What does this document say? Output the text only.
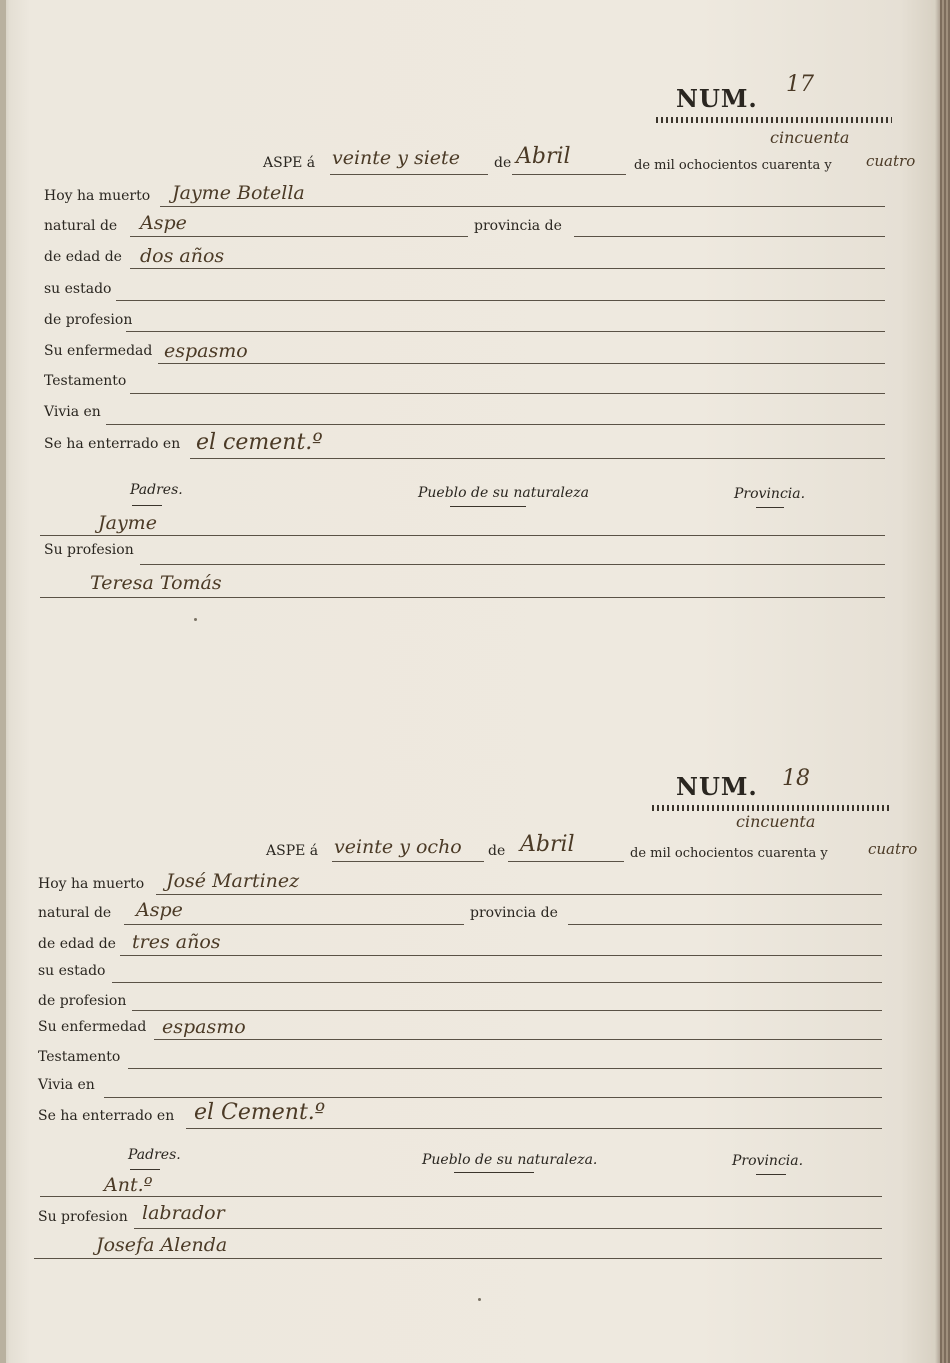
NUM. 17
cincuenta
ASPE á veinte y siete de Abril	de mil ochocientos cuarenta y cuatro
Hoy ha muerto Jayme Botella
natural de Aspe	provincia de
de edad de dos años
su estado
de profesion
Su enfermedad espasmo
Testamento
Vivia en
Se ha enterrado en el cement.º
Padres.	Pueblo de su naturaleza	Provincia.
Jayme
Su profesion
Teresa Tomás
NUM. 18
cincuenta
ASPE á veinte y ocho de Abril	de mil ochocientos cuarenta y	cuatro
Hoy ha muerto José Martinez
natural de Aspe	provincia de
de edad de tres años
su estado
de profesion
Su enfermedad espasmo
Testamento
Vivia en
Se ha enterrado en el Cement.º
Padres.	Pueblo de su naturaleza.	Provincia.
Ant.º
Su profesion labrador
Josefa Alenda
